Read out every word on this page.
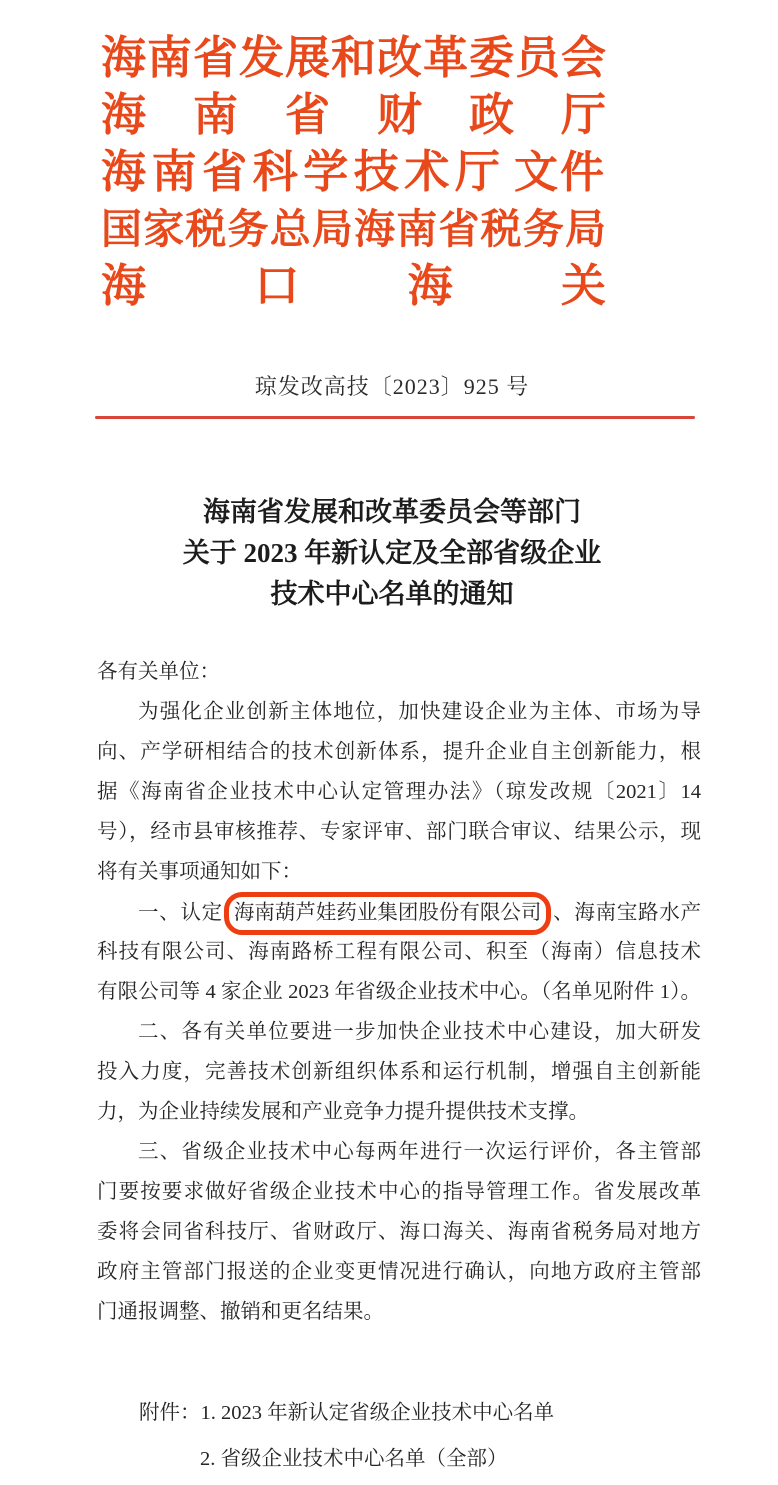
海南省发展和改革委员会
海南省财政厅
海南省科学技术厅 文件
国家税务总局海南省税务局
海口海关
琼发改高技〔2023〕925 号
海南省发展和改革委员会等部门
关于 2023 年新认定及全部省级企业
技术中心名单的通知
各有关单位：
为强化企业创新主体地位，加快建设企业为主体、市场为导
向、产学研相结合的技术创新体系，提升企业自主创新能力，根
据《海南省企业技术中心认定管理办法》（琼发改规〔2021〕14
号），经市县审核推荐、专家评审、部门联合审议、结果公示，现
将有关事项通知如下：
一、认定 海南葫芦娃药业集团股份有限公司 、海南宝路水产
科技有限公司、海南路桥工程有限公司、积至（海南）信息技术
有限公司等 4 家企业 2023 年省级企业技术中心。（名单见附件 1）。
二、各有关单位要进一步加快企业技术中心建设，加大研发
投入力度，完善技术创新组织体系和运行机制，增强自主创新能
力，为企业持续发展和产业竞争力提升提供技术支撑。
三、省级企业技术中心每两年进行一次运行评价，各主管部
门要按要求做好省级企业技术中心的指导管理工作。省发展改革
委将会同省科技厅、省财政厅、海口海关、海南省税务局对地方
政府主管部门报送的企业变更情况进行确认，向地方政府主管部
门通报调整、撤销和更名结果。
附件：1. 2023 年新认定省级企业技术中心名单
2. 省级企业技术中心名单（全部）
